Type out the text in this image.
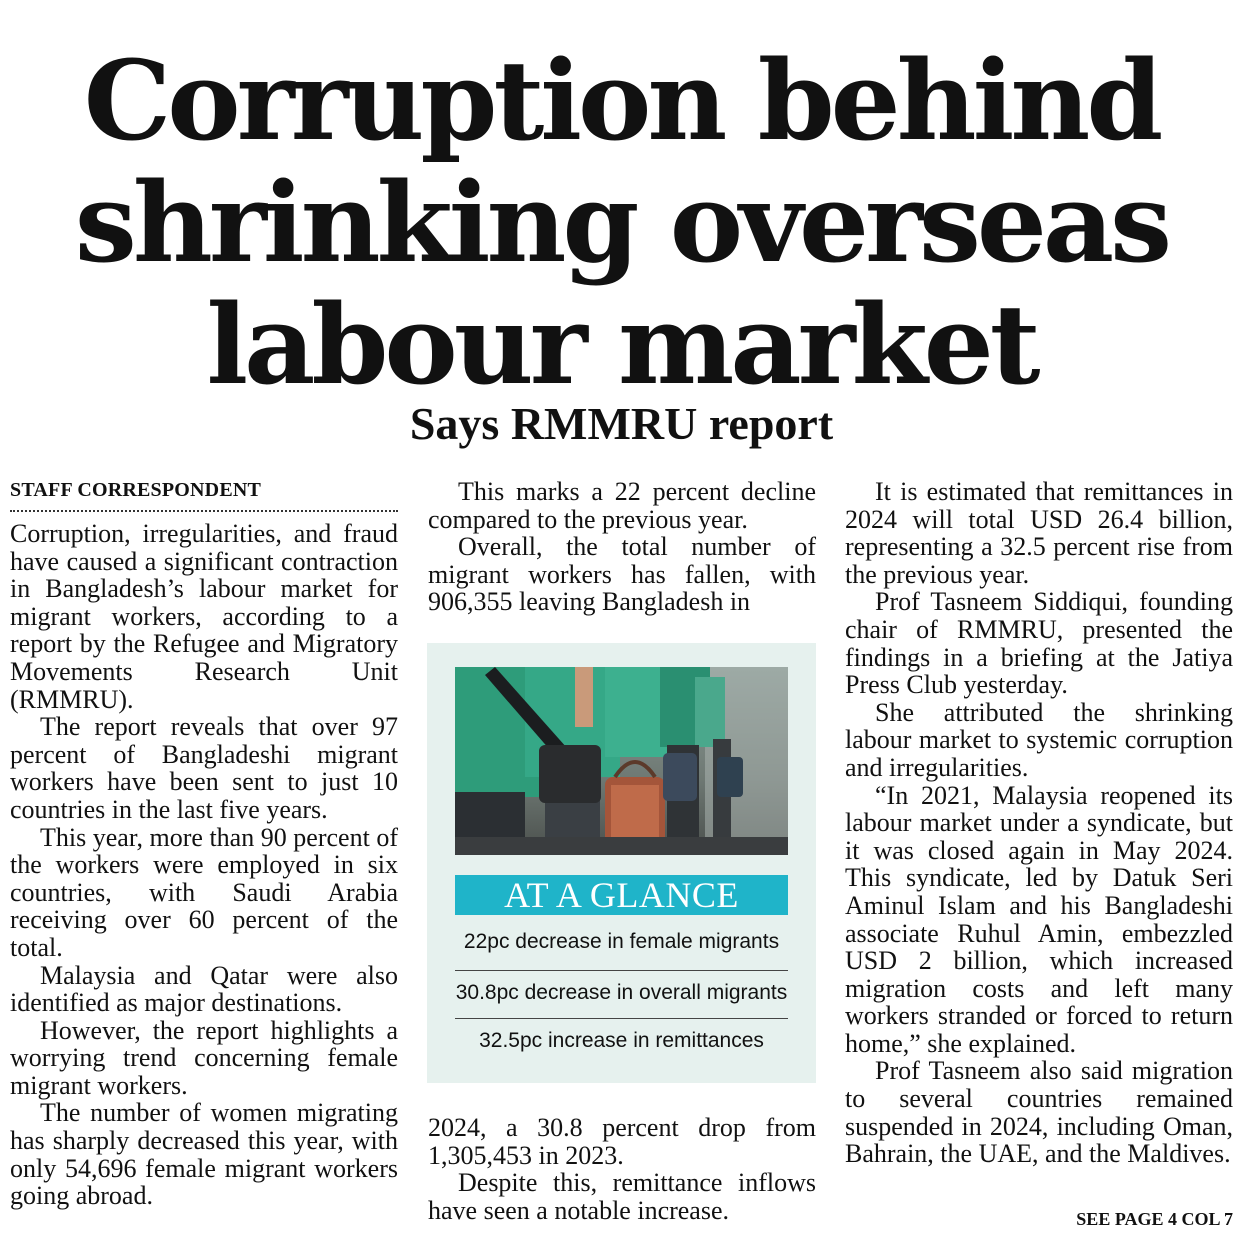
Corruption behind shrinking overseas labour market
Says RMMRU report
STAFF CORRESPONDENT

Corruption, irregularities, and fraud have caused a significant contraction in Bangladesh’s labour market for migrant workers, according to a report by the Refugee and Migratory Movements Research Unit (RMMRU).

The report reveals that over 97 percent of Bangladeshi migrant workers have been sent to just 10 countries in the last five years.

This year, more than 90 percent of the workers were employed in six countries, with Saudi Arabia receiving over 60 percent of the total.

Malaysia and Qatar were also identified as major destinations.

However, the report highlights a worrying trend concerning female migrant workers.

The number of women migrating has sharply decreased this year, with only 54,696 female migrant workers going abroad.

This marks a 22 percent decline compared to the previous year.

Overall, the total number of migrant workers has fallen, with 906,355 leaving Bangladesh in

AT A GLANCE
22pc decrease in female migrants
30.8pc decrease in overall migrants
32.5pc increase in remittances

2024, a 30.8 percent drop from 1,305,453 in 2023.

Despite this, remittance inflows have seen a notable increase.

It is estimated that remittances in 2024 will total USD 26.4 billion, representing a 32.5 percent rise from the previous year.

Prof Tasneem Siddiqui, founding chair of RMMRU, presented the findings in a briefing at the Jatiya Press Club yesterday.

She attributed the shrinking labour market to systemic corruption and irregularities.

“In 2021, Malaysia reopened its labour market under a syndicate, but it was closed again in May 2024. This syndicate, led by Datuk Seri Aminul Islam and his Bangladeshi associate Ruhul Amin, embezzled USD 2 billion, which increased migration costs and left many workers stranded or forced to return home,” she explained.

Prof Tasneem also said migration to several countries remained suspended in 2024, including Oman, Bahrain, the UAE, and the Maldives.

SEE PAGE 4 COL 7
